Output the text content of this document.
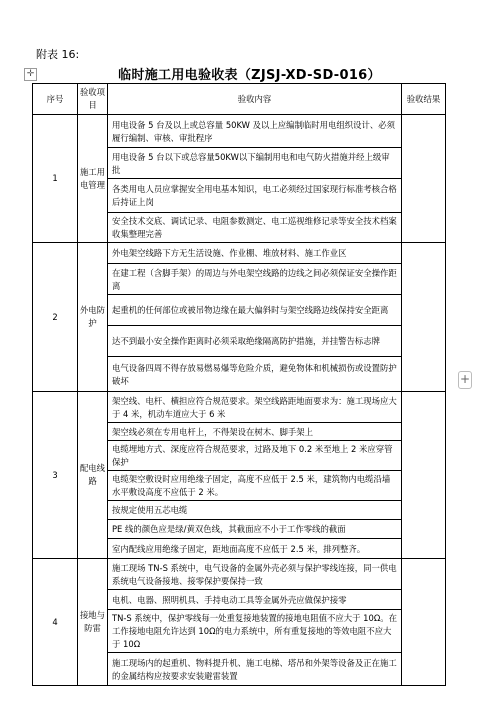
附表 16:
✛	临时施工用电验收表（ZJSJ-XD-SD-016）
+
序号	验收项目	验收内容	验收结果
1	施工用电管理	用电设备 5 台及以上或总容量 50KW 及以上应编制临时用电组织设计、必须履行编制、审核、审批程序	
		用电设备 5 台以下或总容量50KW以下编制用电和电气防火措施并经上级审批	
		各类用电人员应掌握安全用电基本知识，电工必须经过国家现行标准考核合格后持证上岗	
		安全技术交底、调试记录、电阻参数测定、电工巡视维修记录等安全技术档案收集整理完善	
2	外电防护	外电架空线路下方无生活设施、作业棚、堆放材料、施工作业区	
		在建工程（含脚手架）的周边与外电架空线路的边线之间必须保证安全操作距离	
		起重机的任何部位或被吊物边缘在最大偏斜时与架空线路边线保持安全距离	
		达不到最小安全操作距离时必须采取绝缘隔离防护措施，并挂警告标志牌	
		电气设备四周不得存放易燃易爆等危险介质，避免物体和机械损伤或设置防护破坏	
3	配电线路	架空线、电杆、横担应符合规范要求。架空线路距地面要求为：施工现场应大于 4 米，机动车道应大于 6 米	
		架空线必须在专用电杆上，不得架设在树木、脚手架上	
		电缆埋地方式、深度应符合规范要求，过路及地下 0.2 米至地上 2 米应穿管保护	
		电缆架空敷设时应用绝缘子固定，高度不应低于 2.5 米，建筑物内电缆沿墙水平敷设高度不应低于 2 米。	
		按规定使用五芯电缆	
		PE 线的颜色应是绿/黄双色线，其截面应不小于工作零线的截面	
		室内配线应用绝缘子固定，距地面高度不应低于 2.5 米，排列整齐。	
4	接地与防雷	施工现场 TN-S 系统中，电气设备的金属外壳必须与保护零线连接，同一供电系统电气设备接地、接零保护要保持一致	
		电机、电器、照明机具、手持电动工具等金属外壳应做保护接零	
		TN-S 系统中，保护零线每一处重复接地装置的接地电阻值不应大于 10Ω。在工作接地电阻允许达到 10Ω的电力系统中，所有重复接地的等效电阻不应大于 10Ω	
		施工现场内的起重机、物料提升机、施工电梯、塔吊和外架等设备及正在施工的金属结构应按要求安装避雷装置	
